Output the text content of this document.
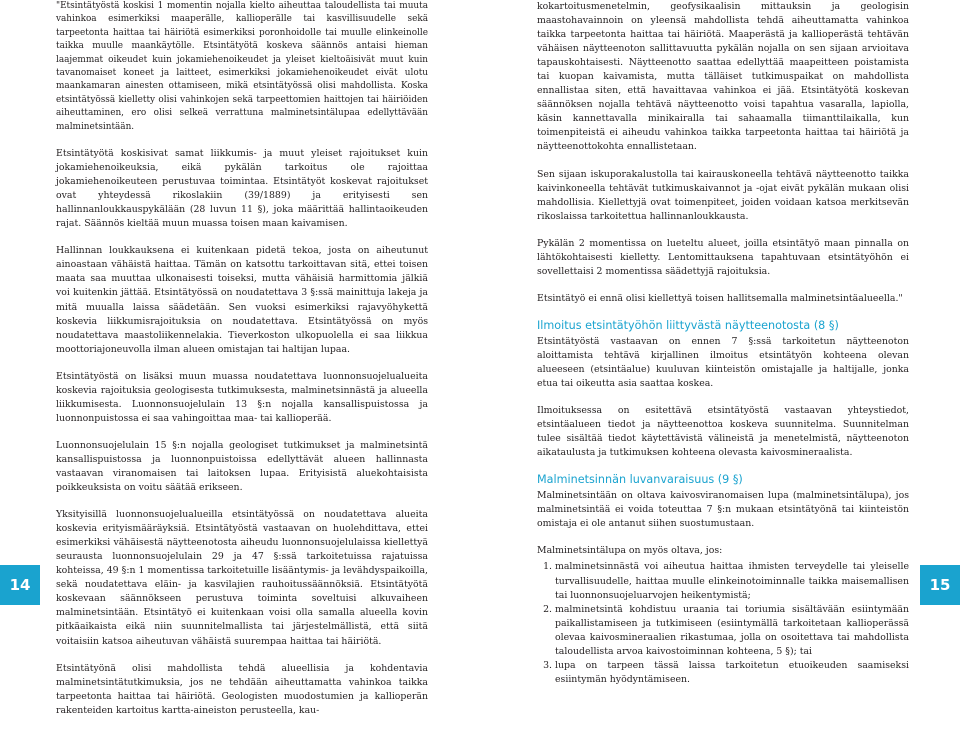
"Etsintätyöstä koskisi 1 momentin nojalla kielto aiheuttaa taloudellista tai muuta vahinkoa esimerkiksi maaperälle, kallioperälle tai kasvillisuudelle sekä tarpeetonta haittaa tai häiriötä esimerkiksi poronhoidolle tai muulle elinkeinolle taikka muulle maankäytölle. Etsintätyötä koskeva säännös antaisi hieman laajemmat oikeudet kuin jokamiehenoikeudet ja yleiset kieltoäisivät muut kuin tavanomaiset koneet ja laitteet, esimerkiksi jokamiehenoikeudet eivät ulotu maankamaran ainesten ottamiseen, mikä etsintätyössä olisi mahdollista. Koska etsintätyössä kielletty olisi vahinkojen sekä tarpeettomien haittojen tai häiriöiden aiheuttaminen, ero olisi selkeä verrattuna malminetsintälupaa edellyttävään malminetsintään.

Etsintätyötä koskisivat samat liikkumis- ja muut yleiset rajoitukset kuin jokamiehenoikeuksia, eikä pykälän tarkoitus ole rajoittaa jokamiehenoikeuteen perustuvaa toimintaa. Etsintätyöt koskevat rajoitukset ovat yhteydessä rikoslakiin (39/1889) ja erityisesti sen hallinnanloukkauspykälään (28 luvun 11 §), joka määrittää hallintaoikeuden rajat. Säännös kieltää muun muassa toisen maan kaivamisen.

Hallinnan loukkauksena ei kuitenkaan pidetä tekoa, josta on aiheutunut ainoastaan vähäistä haittaa. Tämän on katsottu tarkoittavan sitä, ettei toisen maata saa muuttaa ulkonaisesti toiseksi, mutta vähäisiä harmittomia jälkiä voi kuitenkin jättää. Etsintätyössä on noudatettava 3 §:ssä mainittuja lakeja ja mitä muualla laissa säädetään. Sen vuoksi esimerkiksi rajavyöhykettä koskevia liikkumisrajoituksia on noudatettava. Etsintätyössä on myös noudatettava maastoliikennelakia. Tieverkoston ulkopuolella ei saa liikkua moottoriajoneuvolla ilman alueen omistajan tai haltijan lupaa.

Etsintätyöstä on lisäksi muun muassa noudatettava luonnonsuojelualueita koskevia rajoituksia geologisesta tutkimuksesta, malminetsinnästä ja alueella liikkumisesta. Luonnonsuojelulain 13 §:n nojalla kansallispuistossa ja luonnonpuistossa ei saa vahingoittaa maa- tai kallioperää.

Luonnonsuojelulain 15 §:n nojalla geologiset tutkimukset ja malminetsintä kansallispuistossa ja luonnonpuistoissa edellyttävät alueen hallinnasta vastaavan viranomaisen tai laitoksen lupaa. Erityisistä aluekohtaisista poikkeuksista on voitu säätää erikseen.

Yksityisillä luonnonsuojelualueilla etsintätyössä on noudatettava alueita koskevia erityismääräyksiä. Etsintätyöstä vastaavan on huolehdittava, ettei esimerkiksi vähäisestä näytteenotosta aiheudu luonnonsuojelulaissa kiellettyä seurausta luonnonsuojelulain 29 ja 47 §:ssä tarkoitetuissa rajatuissa kohteissa, 49 §:n 1 momentissa tarkoitetuille lisääntymis- ja levähdyspaikoilla, sekä noudatettava eläin- ja kasvilajien rauhoitussäännöksiä. Etsintätyötä koskevaan säännökseen perustuva toiminta soveltuisi alkuvaiheen malminetsintään. Etsintätyö ei kuitenkaan voisi olla samalla alueella kovin pitkäaikaista eikä niin suunnitelmallista tai järjestelmällistä, että siitä voitaisiin katsoa aiheutuvan vähäistä suurempaa haittaa tai häiriötä.

Etsintätyönä olisi mahdollista tehdä alueellisia ja kohdentavia malminetsintätutkimuksia, jos ne tehdään aiheuttamatta vahinkoa taikka tarpeetonta haittaa tai häiriötä. Geologisten muodostumien ja kallioperän rakenteiden kartoitus kartta-aineiston perusteella, kau-

kokartoitusmenetelmin, geofysikaalisin mittauksin ja geologisin maastohavainnoin on yleensä mahdollista tehdä aiheuttamatta vahinkoa taikka tarpeetonta haittaa tai häiriötä. Maaperästä ja kallioperästä tehtävän vähäisen näytteenoton sallittavuutta pykälän nojalla on sen sijaan arvioitava tapauskohtaisesti. Näytteenotto saattaa edellyttää maapeitteen poistamista tai kuopan kaivamista, mutta tälläiset tutkimuspaikat on mahdollista ennallistaa siten, että havaittavaa vahinkoa ei jää. Etsintätyötä koskevan säännöksen nojalla tehtävä näytteenotto voisi tapahtua vasaralla, lapiolla, käsin kannettavalla minikairalla tai sahaamalla tiimanttilaikalla, kun toimenpiteistä ei aiheudu vahinkoa taikka tarpeetonta haittaa tai häiriötä ja näytteenottokohta ennallistetaan.

Sen sijaan iskuporakalustolla tai kairauskoneella tehtävä näytteenotto taikka kaivinkoneella tehtävät tutkimuskaivannot ja -ojat eivät pykälän mukaan olisi mahdollisia. Kiellettyjä ovat toimenpiteet, joiden voidaan katsoa merkitsevän rikoslaissa tarkoitettua hallinnanloukkausta.

Pykälän 2 momentissa on lueteltu alueet, joilla etsintätyö maan pinnalla on lähtökohtaisesti kielletty. Lentomittauksena tapahtuvaan etsintätyöhön ei sovellettaisi 2 momentissa säädettyjä rajoituksia.

Etsintätyö ei ennä olisi kiellettyä toisen hallitsemalla malminetsintäalueella."

Ilmoitus etsintätyöhön liittyvästä näytteenotosta (8 §)

Etsintätyöstä vastaavan on ennen 7 §:ssä tarkoitetun näytteenoton aloittamista tehtävä kirjallinen ilmoitus etsintätyön kohteena olevan alueeseen (etsintäalue) kuuluvan kiinteistön omistajalle ja haltijalle, jonka etua tai oikeutta asia saattaa koskea.

Ilmoituksessa on esitettävä etsintätyöstä vastaavan yhteystiedot, etsintäalueen tiedot ja näytteenottoa koskeva suunnitelma. Suunnitelman tulee sisältää tiedot käytettävistä välineistä ja menetelmistä, näytteenoton aikataulusta ja tutkimuksen kohteena olevasta kaivosmineraalista.

Malminetsinnän luvanvaraisuus (9 §)

Malminetsintään on oltava kaivosviranomaisen lupa (malminetsintälupa), jos malminetsintää ei voida toteuttaa 7 §:n mukaan etsintätyönä tai kiinteistön omistaja ei ole antanut siihen suostumustaan.

Malminetsintälupa on myös oltava, jos:

1. malminetsinnästä voi aiheutua haittaa ihmisten terveydelle tai yleiselle turvallisuudelle, haittaa muulle elinkeinotoiminnalle taikka maisemallisen tai luonnonsuojeluarvojen heikentymistä;
2. malminetsintä kohdistuu uraania tai toriumia sisältävään esiintymään paikallistamiseen ja tutkimiseen (esiintymällä tarkoitetaan kallioperässä olevaa kaivosmineraalien rikastumaa, jolla on osoitettava tai mahdollista taloudellista arvoa kaivostoiminnan kohteena, 5 §); tai
3. lupa on tarpeen tässä laissa tarkoitetun etuoikeuden saamiseksi esiintymän hyödyntämiseen.
14	15
